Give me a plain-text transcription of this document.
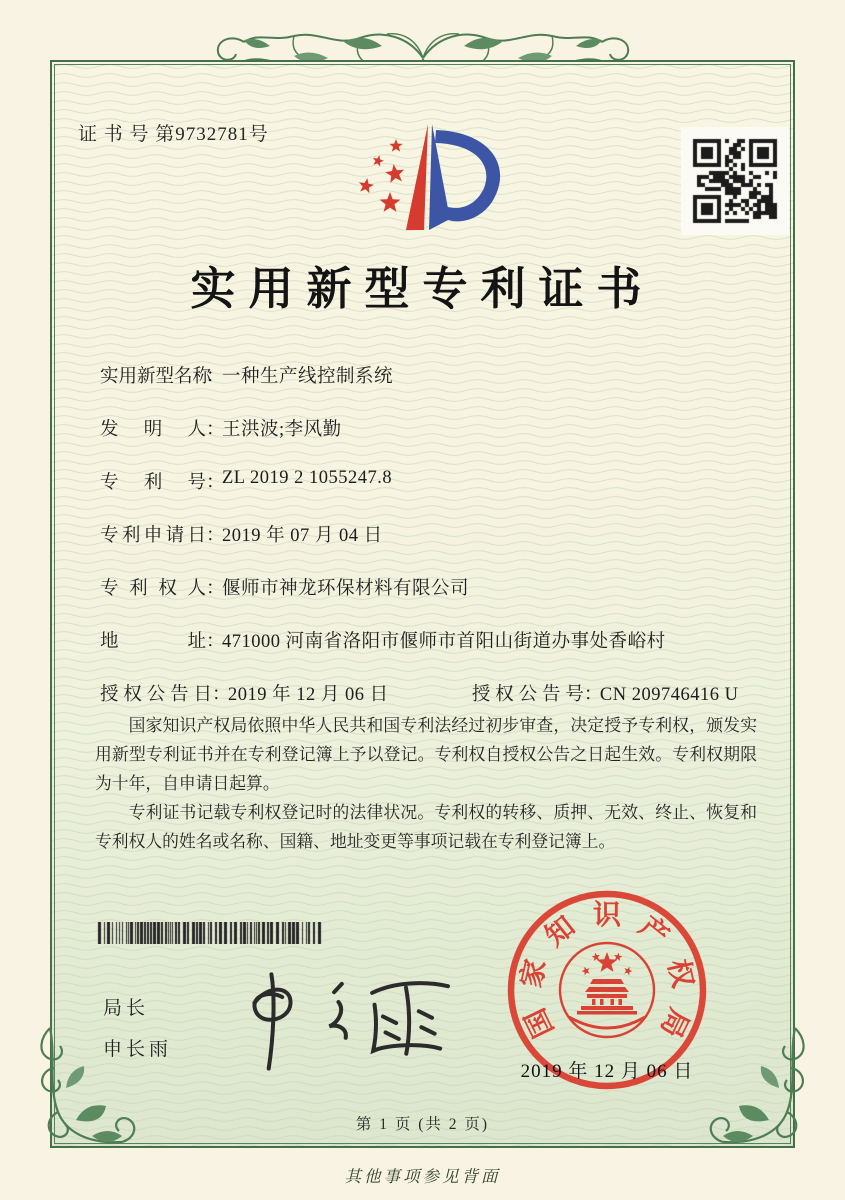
证 书 号 第9732781号
实用新型专利证书
实用新型名称：一种生产线控制系统
发明人：王洪波;李风勤
专利号：ZL 2019 2 1055247.8
专利申请日：2019 年 07 月 04 日
专利权人：偃师市神龙环保材料有限公司
地址：471000 河南省洛阳市偃师市首阳山街道办事处香峪村
授权公告日：2019 年 12 月 06 日	授权公告号：CN 209746416 U

国家知识产权局依照中华人民共和国专利法经过初步审查，决定授予专利权，颁发实用新型专利证书并在专利登记簿上予以登记。专利权自授权公告之日起生效。专利权期限为十年，自申请日起算。

专利证书记载专利权登记时的法律状况。专利权的转移、质押、无效、终止、恢复和专利权人的姓名或名称、国籍、地址变更等事项记载在专利登记簿上。

局长
申长雨
国
家
知 识 产
权
局
2019 年 12 月 06 日
第 1 页 (共 2 页)
其他事项参见背面
